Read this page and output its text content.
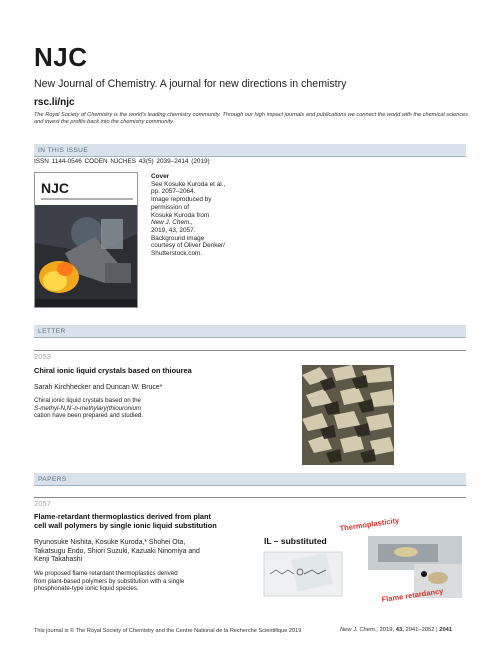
NJC
New Journal of Chemistry. A journal for new directions in chemistry
rsc.li/njc
The Royal Society of Chemistry is the world's leading chemistry community. Through our high impact journals and publications we connect the world with the chemical sciences and invest the profits back into the chemistry community.
IN THIS ISSUE
ISSN 1144-0546 CODEN NJCHES 43(5) 2039–2414 (2019)
NJC
Cover
See Kosuke Kuroda et al.,
pp. 2057–2064.
Image reproduced by
permission of
Kosuke Kuroda from
New J. Chem.,
2019, 43, 2057.
Background image
courtesy of Oliver Denker/
Shutterstock.com.
LETTER
2053
Chiral ionic liquid crystals based on thiourea
Sarah Kirchhecker and Duncan W. Bruce*
Chiral ionic liquid crystals based on the
S-methyl-N,N′-ᴅ-methylary(thiouronium
cation have been prepared and studied.
PAPERS
2057
Flame-retardant thermoplastics derived from plant
cell wall polymers by single ionic liquid substitution
Ryunosuke Nishita, Kosuke Kuroda,* Shohei Ota,
Takatsugu Endo, Shiori Suzuki, Kazuaki Ninomiya and
Kenji Takahashi
We proposed flame retardant thermoplastics derived
from plant-based polymers by substitution with a single
phosphonate-type ionic liquid species.
IL – substituted
Thermoplasticity
Flame retardancy
This journal is © The Royal Society of Chemistry and the Centre National de la Recherche Scientifique 2019	New J. Chem., 2019, 43, 2041–2052 | 2041
